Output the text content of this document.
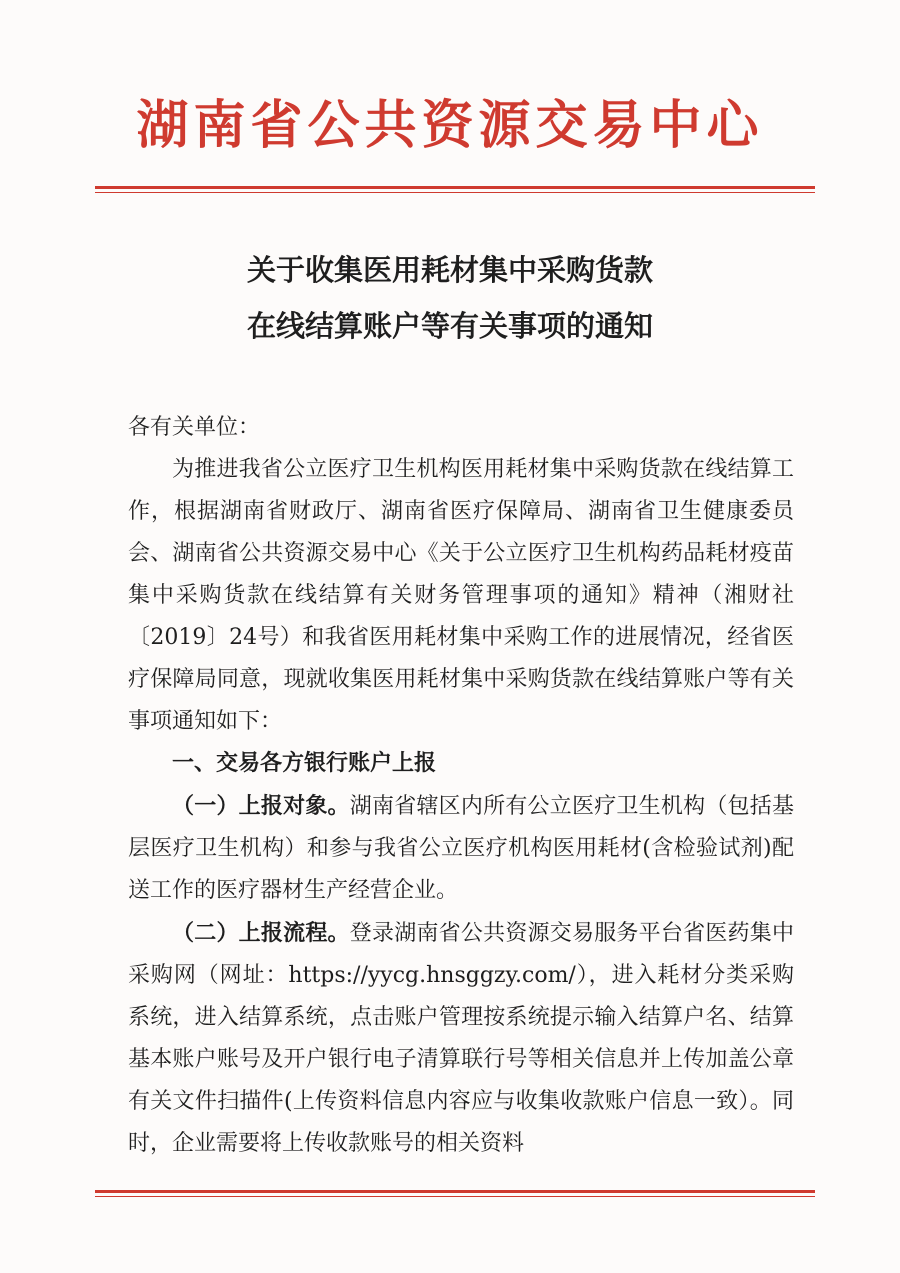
湖南省公共资源交易中心
关于收集医用耗材集中采购货款
在线结算账户等有关事项的通知

各有关单位：

为推进我省公立医疗卫生机构医用耗材集中采购货款在线结算工作，根据湖南省财政厅、湖南省医疗保障局、湖南省卫生健康委员会、湖南省公共资源交易中心《关于公立医疗卫生机构药品耗材疫苗集中采购货款在线结算有关财务管理事项的通知》精神（湘财社〔2019〕24号）和我省医用耗材集中采购工作的进展情况，经省医疗保障局同意，现就收集医用耗材集中采购货款在线结算账户等有关事项通知如下：

一、交易各方银行账户上报

（一）上报对象。湖南省辖区内所有公立医疗卫生机构（包括基层医疗卫生机构）和参与我省公立医疗机构医用耗材(含检验试剂)配送工作的医疗器材生产经营企业。

（二）上报流程。登录湖南省公共资源交易服务平台省医药集中采购网（网址：https://yycg.hnsggzy.com/），进入耗材分类采购系统，进入结算系统，点击账户管理按系统提示输入结算户名、结算基本账户账号及开户银行电子清算联行号等相关信息并上传加盖公章有关文件扫描件(上传资料信息内容应与收集收款账户信息一致）。同时，企业需要将上传收款账号的相关资料
